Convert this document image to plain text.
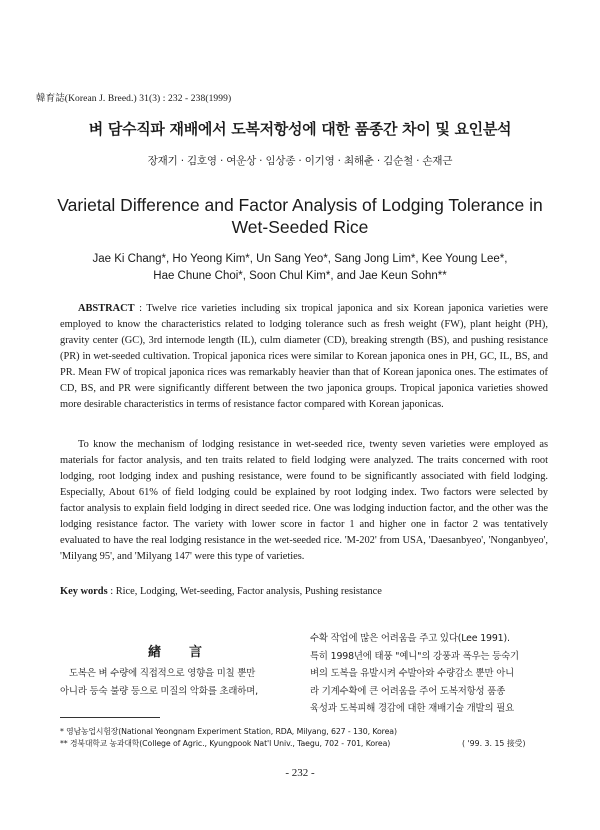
韓育誌(Korean J. Breed.) 31(3) : 232 - 238(1999)
벼 담수직파 재배에서 도복저항성에 대한 품종간 차이 및 요인분석
장재기 · 김호영 · 여운상 · 임상종 · 이기영 · 최해춘 · 김순철 · 손재근
Varietal Difference and Factor Analysis of Lodging Tolerance in Wet-Seeded Rice
Jae Ki Chang*, Ho Yeong Kim*, Un Sang Yeo*, Sang Jong Lim*, Kee Young Lee*,
Hae Chune Choi*, Soon Chul Kim*, and Jae Keun Sohn**
ABSTRACT : Twelve rice varieties including six tropical japonica and six Korean japonica varieties were employed to know the characteristics related to lodging tolerance such as fresh weight (FW), plant height (PH), gravity center (GC), 3rd internode length (IL), culm diameter (CD), breaking strength (BS), and pushing resistance (PR) in wet-seeded cultivation. Tropical japonica rices were similar to Korean japonica ones in PH, GC, IL, BS, and PR. Mean FW of tropical japonica rices was remarkably heavier than that of Korean japonica ones. The estimates of CD, BS, and PR were significantly different between the two japonica groups. Tropical japonica varieties showed more desirable characteristics in terms of resistance factor compared with Korean japonicas.
To know the mechanism of lodging resistance in wet-seeded rice, twenty seven varieties were employed as materials for factor analysis, and ten traits related to field lodging were analyzed. The traits concerned with root lodging, root lodging index and pushing resistance, were found to be significantly associated with field lodging. Especially, About 61% of field lodging could be explained by root lodging index. Two factors were selected by factor analysis to explain field lodging in direct seeded rice. One was lodging induction factor, and the other was the lodging resistance factor. The variety with lower score in factor 1 and higher one in factor 2 was tentatively evaluated to have the real lodging resistance in the wet-seeded rice. 'M-202' from USA, 'Daesanbyeo', 'Nonganbyeo', 'Milyang 95', and 'Milyang 147' were this type of varieties.
Key words : Rice, Lodging, Wet-seeding, Factor analysis, Pushing resistance
緖言
도복은 벼 수량에 직접적으로 영향을 미칠 뿐만
아니라 등숙 불량 등으로 미질의 악화를 초래하며,
수확 작업에 많은 어려움을 주고 있다(Lee 1991).
특히 1998년에 태풍 "예니"의 강풍과 폭우는 등숙기
벼의 도복을 유발시켜 수발아와 수량감소 뿐만 아니
라 기계수확에 큰 어려움을 주어 도복저항성 품종
육성과 도복피해 경감에 대한 재배기술 개발의 필요
* 영남농업시험장(National Yeongnam Experiment Station, RDA, Milyang, 627 - 130, Korea)
** 경북대학교 농과대학(College of Agric., Kyungpook Nat'l Univ., Taegu, 702 - 701, Korea)	( '99. 3. 15 接受)
- 232 -
